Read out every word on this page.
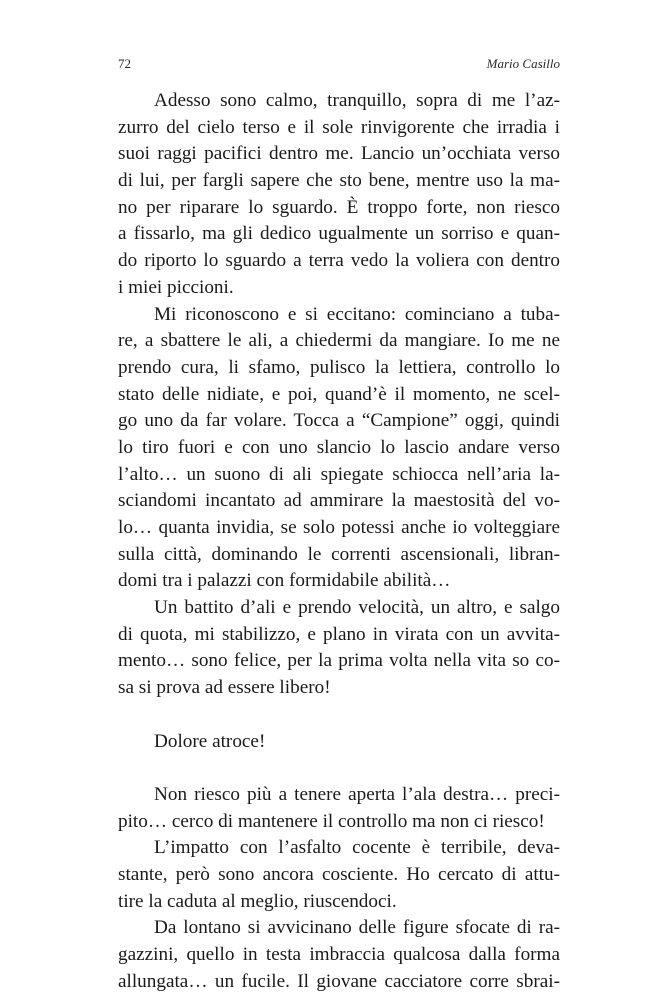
72	Mario Casillo
Adesso sono calmo, tranquillo, sopra di me l’az-
zurro del cielo terso e il sole rinvigorente che irradia i
suoi raggi pacifici dentro me. Lancio un’occhiata verso
di lui, per fargli sapere che sto bene, mentre uso la ma-
no per riparare lo sguardo. È troppo forte, non riesco
a fissarlo, ma gli dedico ugualmente un sorriso e quan-
do riporto lo sguardo a terra vedo la voliera con dentro
i miei piccioni.
Mi riconoscono e si eccitano: cominciano a tuba-
re, a sbattere le ali, a chiedermi da mangiare. Io me ne
prendo cura, li sfamo, pulisco la lettiera, controllo lo
stato delle nidiate, e poi, quand’è il momento, ne scel-
go uno da far volare. Tocca a “Campione” oggi, quindi
lo tiro fuori e con uno slancio lo lascio andare verso
l’alto… un suono di ali spiegate schiocca nell’aria la-
sciandomi incantato ad ammirare la maestosità del vo-
lo… quanta invidia, se solo potessi anche io volteggiare
sulla città, dominando le correnti ascensionali, libran-
domi tra i palazzi con formidabile abilità…
Un battito d’ali e prendo velocità, un altro, e salgo
di quota, mi stabilizzo, e plano in virata con un avvita-
mento… sono felice, per la prima volta nella vita so co-
sa si prova ad essere libero!
Dolore atroce!
Non riesco più a tenere aperta l’ala destra… preci-
pito… cerco di mantenere il controllo ma non ci riesco!
L’impatto con l’asfalto cocente è terribile, deva-
stante, però sono ancora cosciente. Ho cercato di attu-
tire la caduta al meglio, riuscendoci.
Da lontano si avvicinano delle figure sfocate di ra-
gazzini, quello in testa imbraccia qualcosa dalla forma
allungata… un fucile. Il giovane cacciatore corre sbrai-
